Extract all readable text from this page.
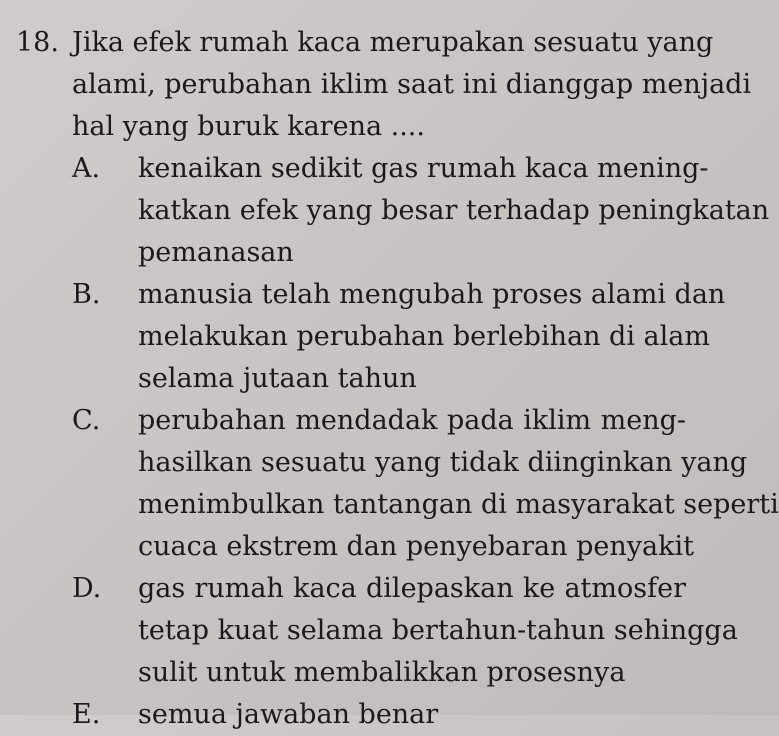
18. Jika efek rumah kaca merupakan sesuatu yang
alami, perubahan iklim saat ini dianggap menjadi
hal yang buruk karena ....
A.	kenaikan sedikit gas rumah kaca mening-
katkan efek yang besar terhadap peningkatan
pemanasan
B.	manusia telah mengubah proses alami dan
melakukan perubahan berlebihan di alam
selama jutaan tahun
C.	perubahan mendadak pada iklim meng-
hasilkan sesuatu yang tidak diinginkan yang
menimbulkan tantangan di masyarakat seperti
cuaca ekstrem dan penyebaran penyakit
D.	gas rumah kaca dilepaskan ke atmosfer
tetap kuat selama bertahun-tahun sehingga
sulit untuk membalikkan prosesnya
E.	semua jawaban benar
